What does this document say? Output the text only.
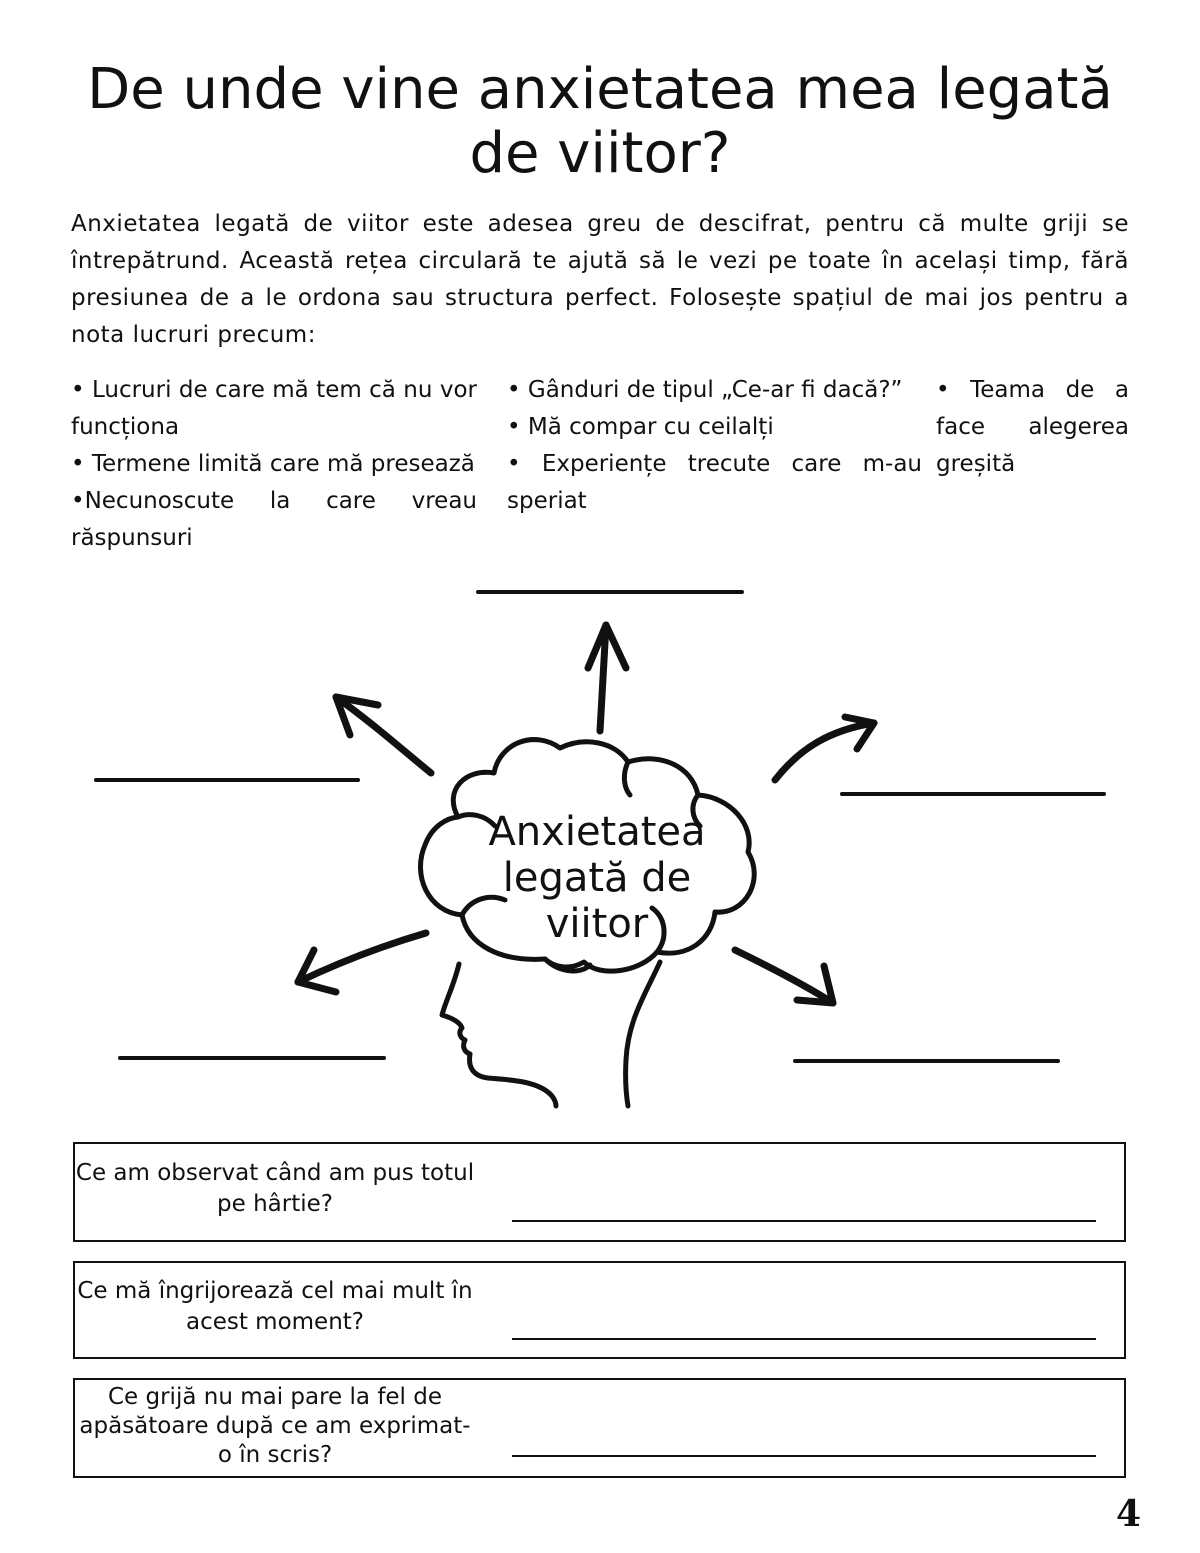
De unde vine anxietatea mea legată de viitor?

Anxietatea legată de viitor este adesea greu de descifrat, pentru că multe griji se întrepătrund. Această rețea circulară te ajută să le vezi pe toate în același timp, fără presiunea de a le ordona sau structura perfect. Folosește spațiul de mai jos pentru a nota lucruri precum:

• Lucruri de care mă tem că nu vor funcționa
• Termene limită care mă presează
•Necunoscute la care vreau răspunsuri
• Gânduri de tipul „Ce-ar fi dacă?”
• Mă compar cu ceilalți
• Experiențe trecute care m-au speriat
• Teama de a face alegerea greșită
Anxietatea
legată de
viitor
Ce am observat când am pus totul pe hârtie?
Ce mă îngrijorează cel mai mult în acest moment?
Ce grijă nu mai pare la fel de apăsătoare după ce am exprimat-o în scris?
4
